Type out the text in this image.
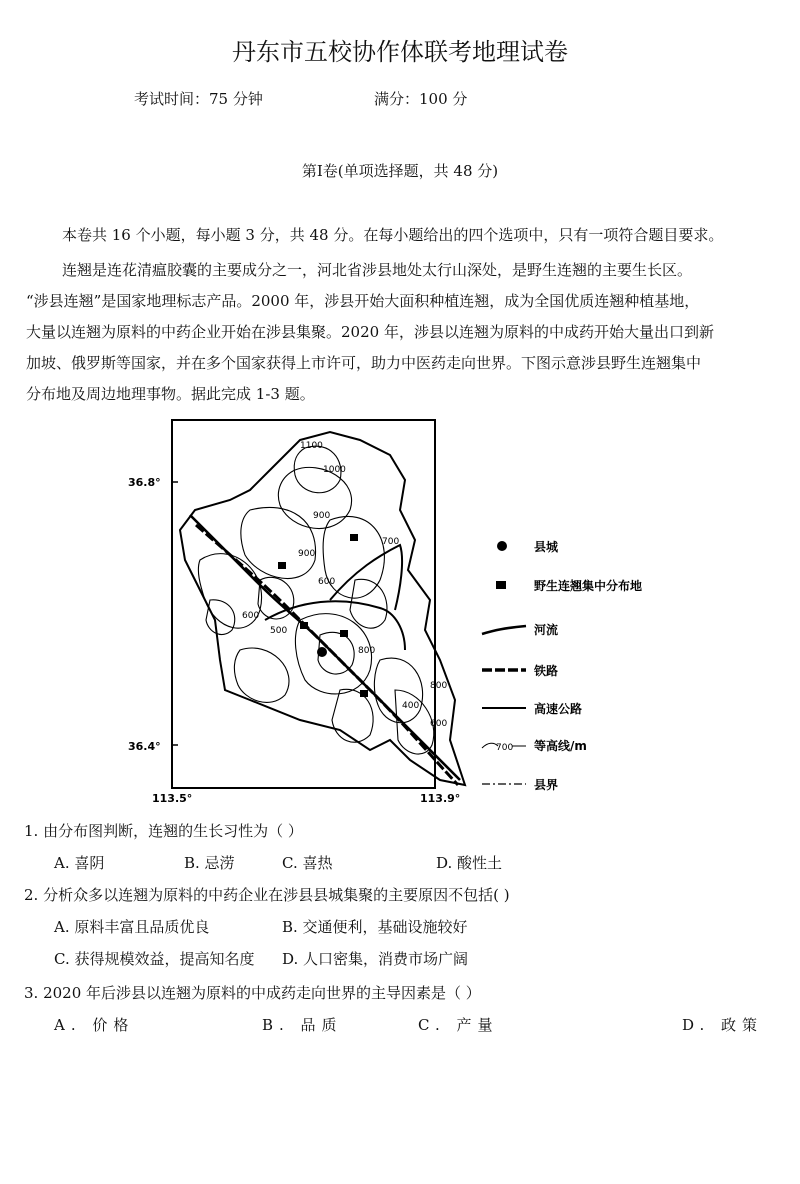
丹东市五校协作体联考地理试卷
考试时间：75 分钟	满分：100 分
第Ⅰ卷(单项选择题，共 48 分)
本卷共 16 个小题，每小题 3 分，共 48 分。在每小题给出的四个选项中，只有一项符合题目要求。
连翘是连花清瘟胶囊的主要成分之一，河北省涉县地处太行山深处，是野生连翘的主要生长区。
“涉县连翘”是国家地理标志产品。2000 年，涉县开始大面积种植连翘，成为全国优质连翘种植基地，
大量以连翘为原料的中药企业开始在涉县集聚。2020 年，涉县以连翘为原料的中成药开始大量出口到新
加坡、俄罗斯等国家，并在多个国家获得上市许可，助力中医药走向世界。下图示意涉县野生连翘集中
分布地及周边地理事物。据此完成 1-3 题。
1100
1000
900
900
700
600
600
500
800
800
400
600
36.8°
36.4°
113.5°	113.9°
县城
野生连翘集中分布地
河流
铁路
高速公路
700 等高线/m
县界
1. 由分布图判断，连翘的生长习性为（ ）
A. 喜阴	B. 忌涝	C. 喜热	D. 酸性土
2. 分析众多以连翘为原料的中药企业在涉县县城集聚的主要原因不包括( )
A. 原料丰富且品质优良	B. 交通便利，基础设施较好
C. 获得规模效益，提高知名度 D. 人口密集，消费市场广阔
3. 2020 年后涉县以连翘为原料的中成药走向世界的主导因素是（ ）
A. 价格	B. 品质	C. 产量	D. 政策
